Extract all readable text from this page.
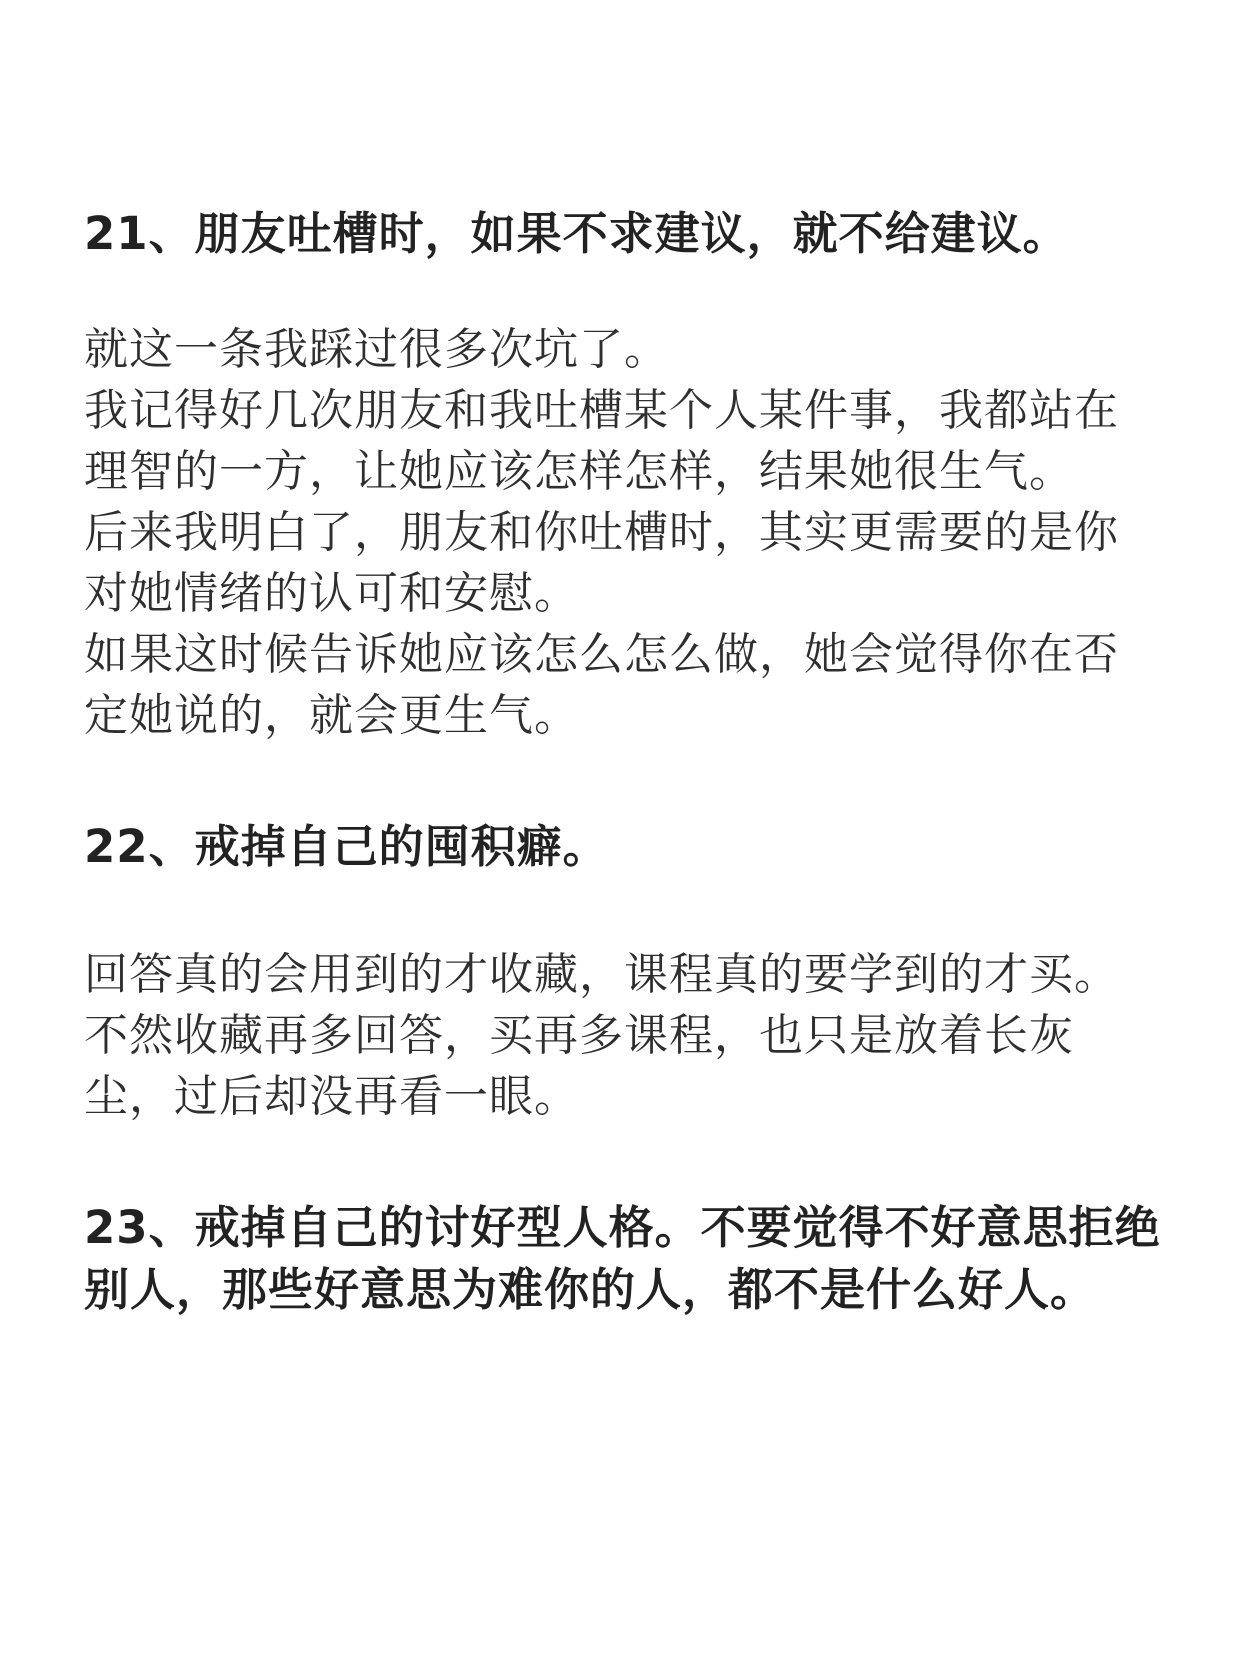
21、朋友吐槽时，如果不求建议，就不给建议。
就这一条我踩过很多次坑了。
我记得好几次朋友和我吐槽某个人某件事，我都站在
理智的一方，让她应该怎样怎样，结果她很生气。
后来我明白了，朋友和你吐槽时，其实更需要的是你
对她情绪的认可和安慰。
如果这时候告诉她应该怎么怎么做，她会觉得你在否
定她说的，就会更生气。
22、戒掉自己的囤积癖。
回答真的会用到的才收藏，课程真的要学到的才买。
不然收藏再多回答，买再多课程，也只是放着长灰
尘，过后却没再看一眼。
23、戒掉自己的讨好型人格。不要觉得不好意思拒绝
别人，那些好意思为难你的人，都不是什么好人。
